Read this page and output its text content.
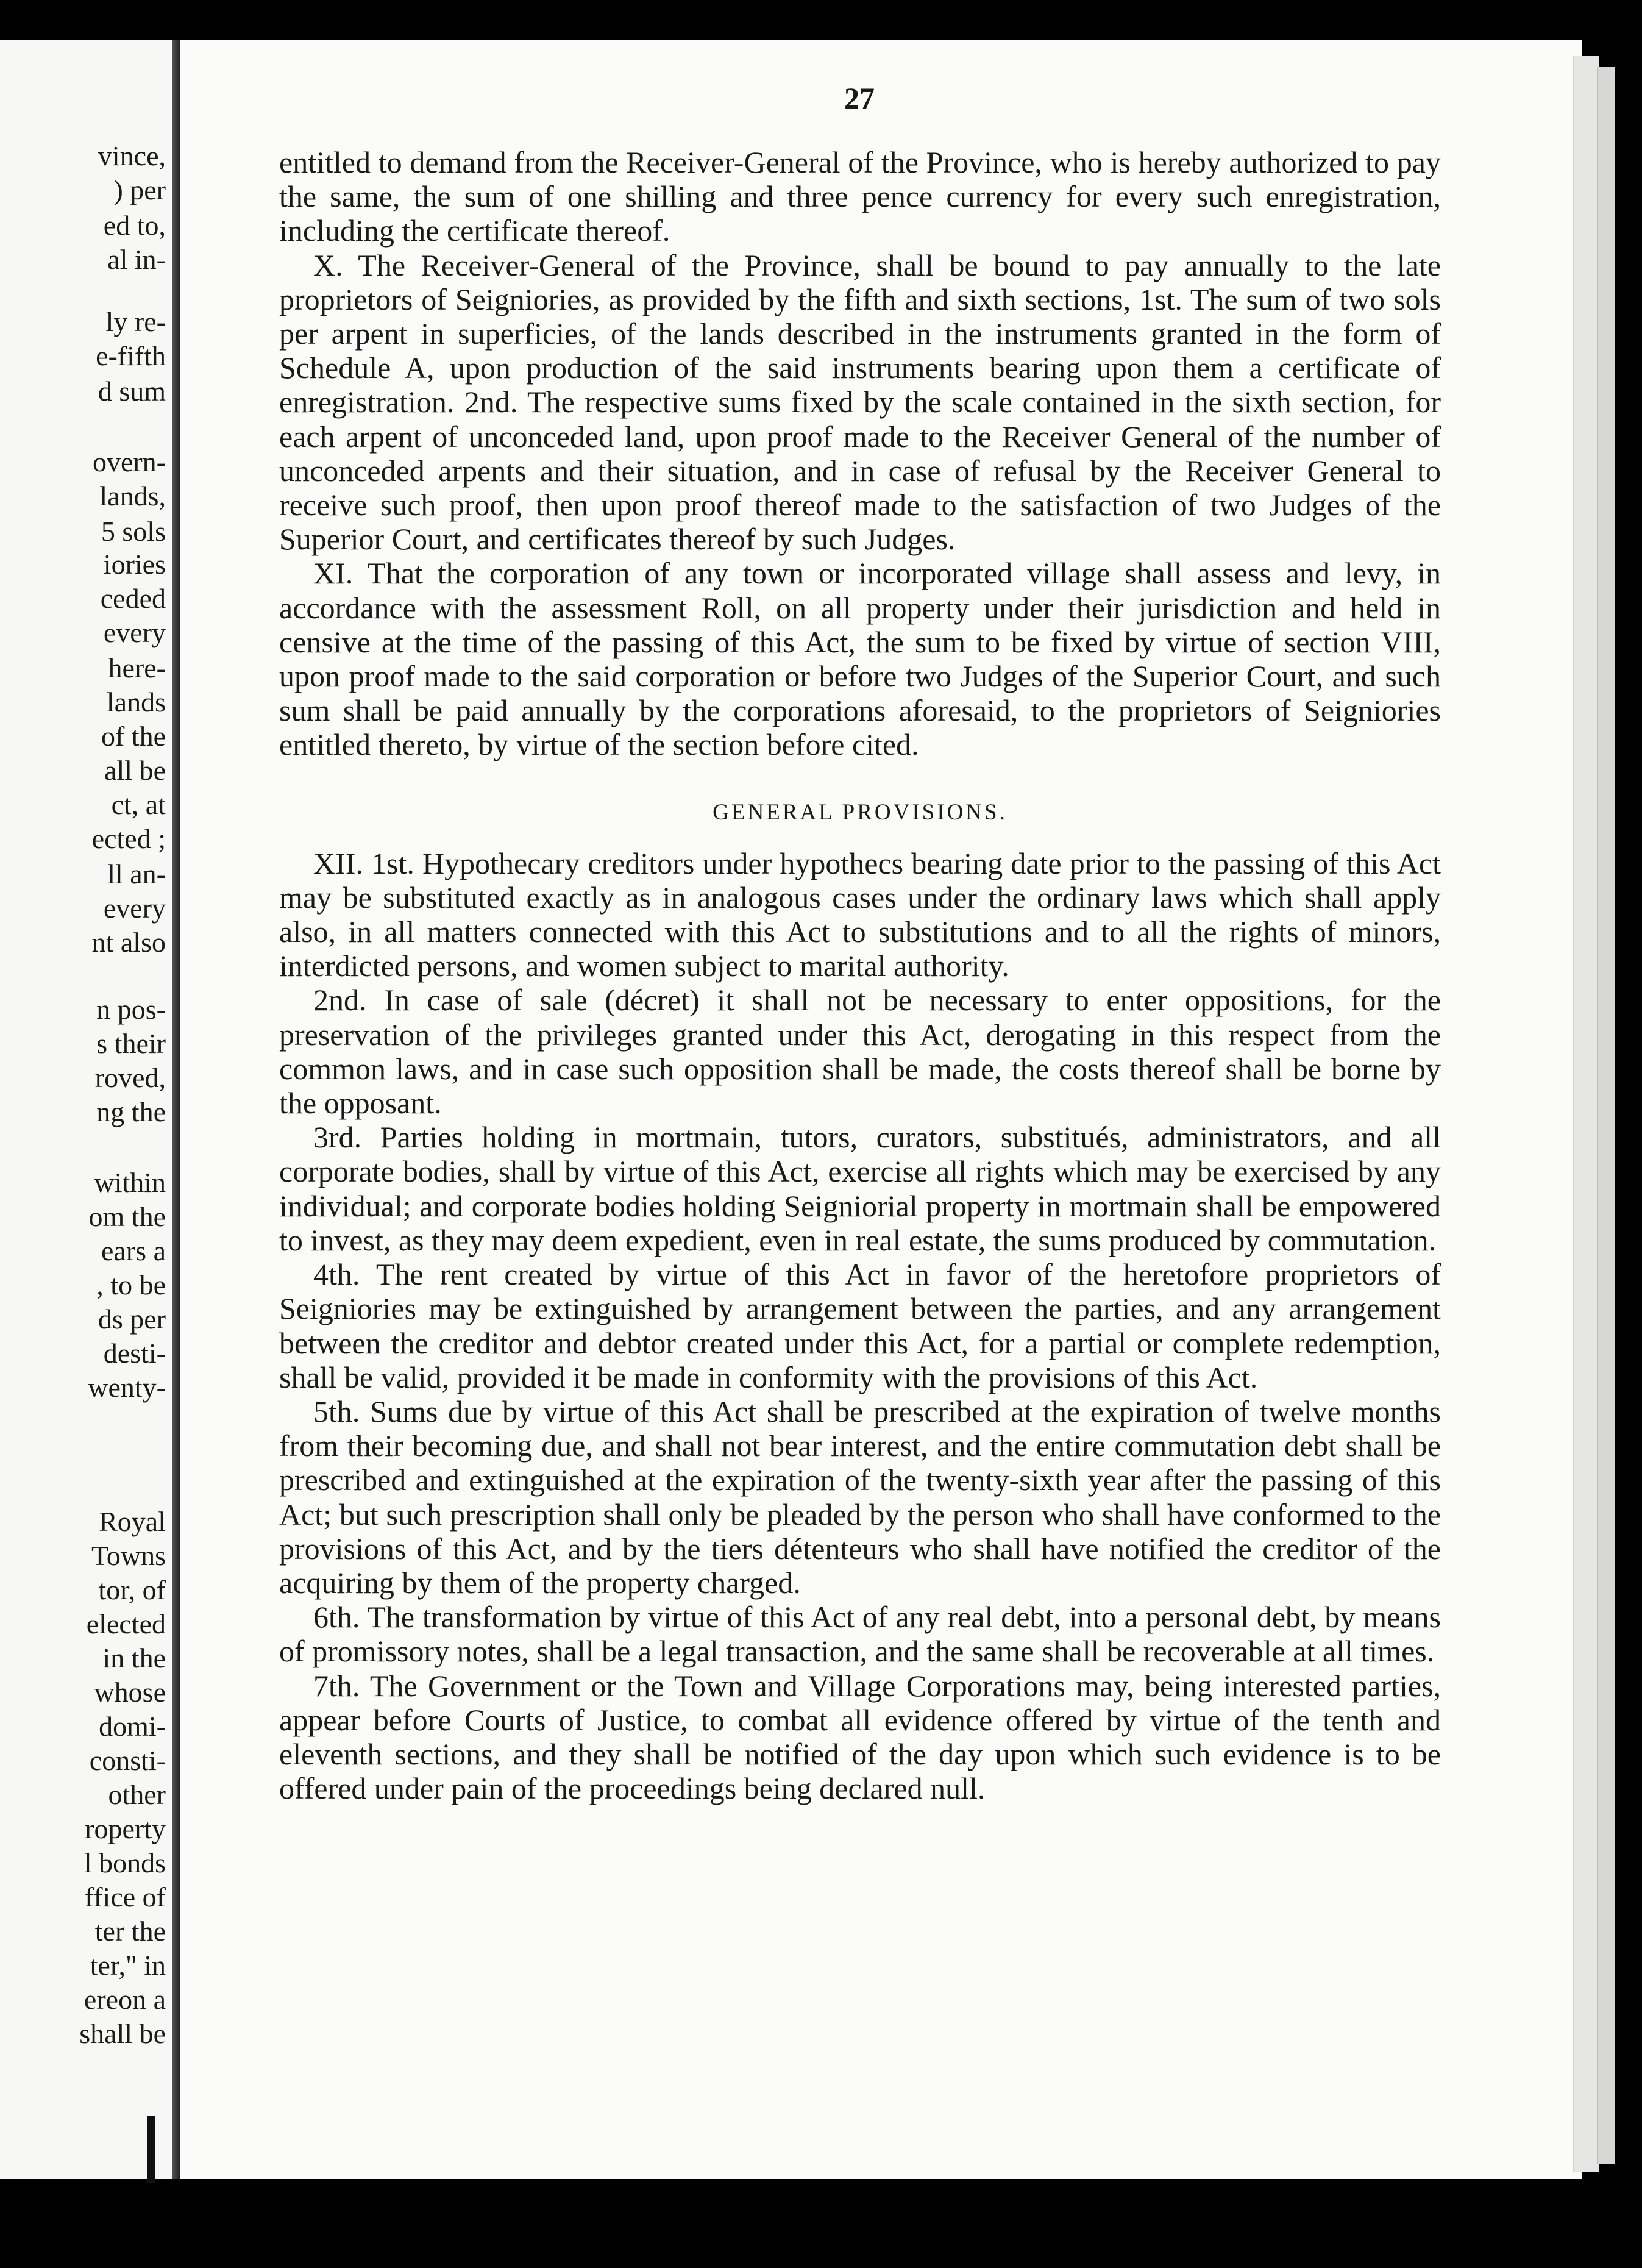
vince,
) per
ed to,
al in-
ly re-
e-fifth
d sum
overn-
lands,
5 sols
iories
ceded
every
here-
lands
of the
all be
ct, at
ected ;
ll an-
every
nt also
n pos-
s their
roved,
ng the
within
om the
ears a
, to be
ds per
desti-
wenty-
Royal
Towns
tor, of
elected
in the
whose
domi-
consti-
other
roperty
l bonds
ffice of
ter the
ter," in
ereon a
shall be
27

entitled to demand from the Receiver-General of the Province, who is hereby authorized to pay the same, the sum of one shilling and three pence currency for every such enregistration, including the certificate thereof.

X. The Receiver-General of the Province, shall be bound to pay annually to the late proprietors of Seigniories, as provided by the fifth and sixth sections, 1st. The sum of two sols per arpent in superficies, of the lands described in the instruments granted in the form of Schedule A, upon production of the said instruments bearing upon them a certificate of enregistration. 2nd. The respective sums fixed by the scale contained in the sixth section, for each arpent of unconceded land, upon proof made to the Receiver General of the number of unconceded arpents and their situation, and in case of refusal by the Receiver General to receive such proof, then upon proof thereof made to the satisfaction of two Judges of the Superior Court, and certificates thereof by such Judges.

XI. That the corporation of any town or incorporated village shall assess and levy, in accordance with the assessment Roll, on all property under their jurisdiction and held in censive at the time of the passing of this Act, the sum to be fixed by virtue of section VIII, upon proof made to the said corporation or before two Judges of the Superior Court, and such sum shall be paid annually by the corporations aforesaid, to the proprietors of Seigniories entitled thereto, by virtue of the section before cited.

GENERAL PROVISIONS.

XII. 1st. Hypothecary creditors under hypothecs bearing date prior to the passing of this Act may be substituted exactly as in analogous cases under the ordinary laws which shall apply also, in all matters connected with this Act to substitutions and to all the rights of minors, interdicted persons, and women subject to marital authority.

2nd. In case of sale (décret) it shall not be necessary to enter oppositions, for the preservation of the privileges granted under this Act, derogating in this respect from the common laws, and in case such opposition shall be made, the costs thereof shall be borne by the opposant.

3rd. Parties holding in mortmain, tutors, curators, substitués, administrators, and all corporate bodies, shall by virtue of this Act, exercise all rights which may be exercised by any individual; and corporate bodies holding Seigniorial property in mortmain shall be empowered to invest, as they may deem expedient, even in real estate, the sums produced by commutation.

4th. The rent created by virtue of this Act in favor of the heretofore proprietors of Seigniories may be extinguished by arrangement between the parties, and any arrangement between the creditor and debtor created under this Act, for a partial or complete redemption, shall be valid, provided it be made in conformity with the provisions of this Act.

5th. Sums due by virtue of this Act shall be prescribed at the expiration of twelve months from their becoming due, and shall not bear interest, and the entire commutation debt shall be prescribed and extinguished at the expiration of the twenty-sixth year after the passing of this Act; but such prescription shall only be pleaded by the person who shall have conformed to the provisions of this Act, and by the tiers détenteurs who shall have notified the creditor of the acquiring by them of the property charged.

6th. The transformation by virtue of this Act of any real debt, into a personal debt, by means of promissory notes, shall be a legal transaction, and the same shall be recoverable at all times.

7th. The Government or the Town and Village Corporations may, being interested parties, appear before Courts of Justice, to combat all evidence offered by virtue of the tenth and eleventh sections, and they shall be notified of the day upon which such evidence is to be offered under pain of the proceedings being declared null.
